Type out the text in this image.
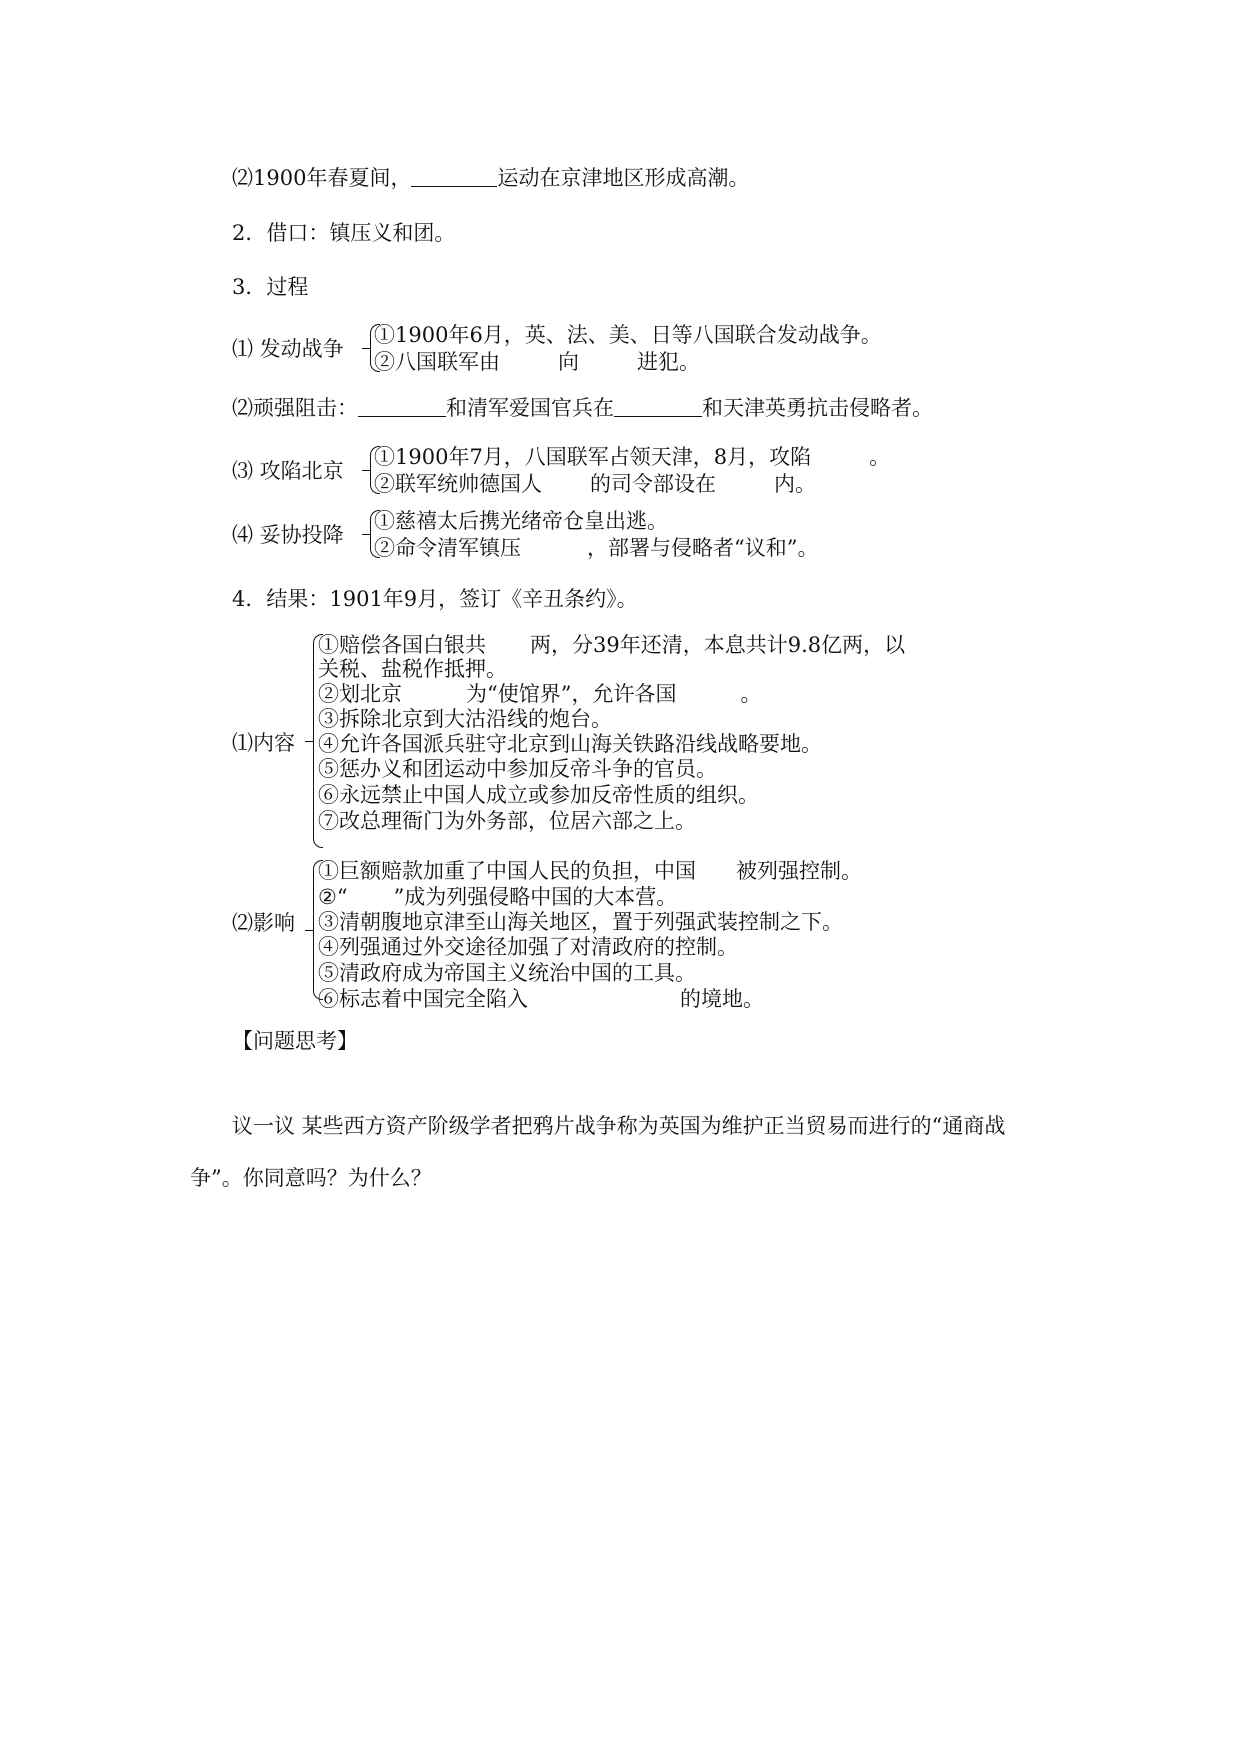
⑵1900年春夏间，	运动在京津地区形成高潮。
2．借口：镇压义和团。
3．过程
⑴ 发动战争
①1900年6月，英、法、美、日等八国联合发动战争。
②八国联军由	向	进犯。
⑵顽强阻击：	和清军爱国官兵在	和天津英勇抗击侵略者。
⑶ 攻陷北京
①1900年7月，八国联军占领天津，8月，攻陷	。
②联军统帅德国人 的司令部设在	内。
⑷ 妥协投降
①慈禧太后携光绪帝仓皇出逃。
②命令清军镇压	，部署与侵略者“议和”。
4．结果：1901年9月，签订《辛丑条约》。
⑴内容
①赔偿各国白银共 两，分39年还清，本息共计9.8亿两，以
关税、盐税作抵押。
②划北京	为“使馆界”，允许各国	。
③拆除北京到大沽沿线的炮台。
④允许各国派兵驻守北京到山海关铁路沿线战略要地。
⑤惩办义和团运动中参加反帝斗争的官员。
⑥永远禁止中国人成立或参加反帝性质的组织。
⑦改总理衙门为外务部，位居六部之上。
⑵影响
①巨额赔款加重了中国人民的负担，中国 被列强控制。
②“ ”成为列强侵略中国的大本营。
③清朝腹地京津至山海关地区，置于列强武装控制之下。
④列强通过外交途径加强了对清政府的控制。
⑤清政府成为帝国主义统治中国的工具。
⑥标志着中国完全陷入	的境地。
【问题思考】
议一议 某些西方资产阶级学者把鸦片战争称为英国为维护正当贸易而进行的“通商战
争”。你同意吗？为什么？
